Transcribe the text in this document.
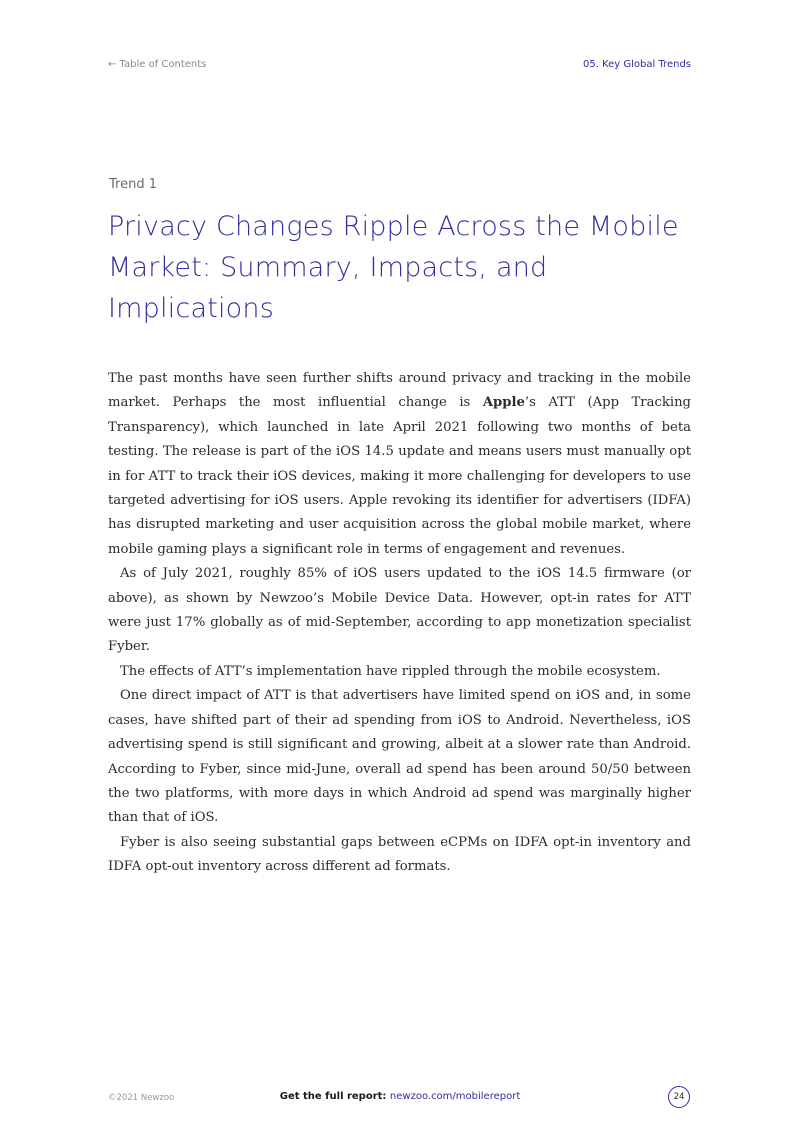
← Table of Contents	05. Key Global Trends
Trend 1
Privacy Changes Ripple Across the Mobile Market: Summary, Impacts, and Implications

The past months have seen further shifts around privacy and tracking in the mobile market. Perhaps the most influential change is Apple’s ATT (App Tracking Transparency), which launched in late April 2021 following two months of beta testing. The release is part of the iOS 14.5 update and means users must manually opt in for ATT to track their iOS devices, making it more challenging for developers to use targeted advertising for iOS users. Apple revoking its identifier for advertisers (IDFA) has disrupted marketing and user acquisition across the global mobile market, where mobile gaming plays a significant role in terms of engagement and revenues.

As of July 2021, roughly 85% of iOS users updated to the iOS 14.5 firmware (or above), as shown by Newzoo’s Mobile Device Data. However, opt-in rates for ATT were just 17% globally as of mid-September, according to app monetization specialist Fyber.

The effects of ATT’s implementation have rippled through the mobile ecosystem.

One direct impact of ATT is that advertisers have limited spend on iOS and, in some cases, have shifted part of their ad spending from iOS to Android. Nevertheless, iOS advertising spend is still significant and growing, albeit at a slower rate than Android. According to Fyber, since mid-June, overall ad spend has been around 50/50 between the two platforms, with more days in which Android ad spend was marginally higher than that of iOS.

Fyber is also seeing substantial gaps between eCPMs on IDFA opt-in inventory and IDFA opt-out inventory across different ad formats.

©2021 Newzoo	Get the full report: newzoo.com/mobilereport	24
